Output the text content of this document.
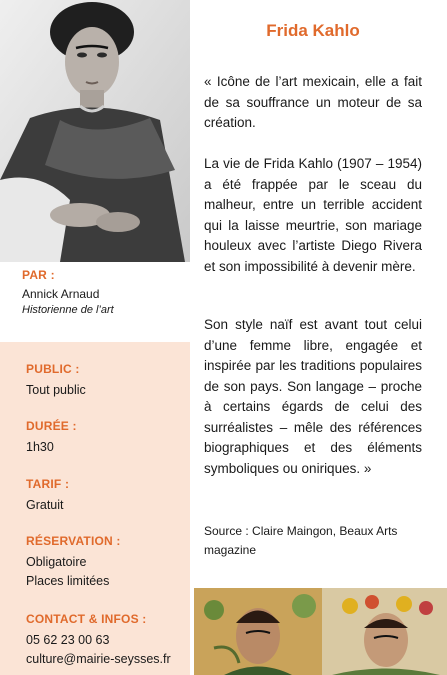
PAR :
Annick Arnaud
Historienne de l’art
PUBLIC :
Tout public
DURÉE :
1h30
TARIF :
Gratuit
RÉSERVATION :
Obligatoire
Places limitées
CONTACT & INFOS :
05 62 23 00 63
culture@mairie-seysses.fr
Frida Kahlo
« Icône de l’art mexicain, elle a fait de sa souffrance un moteur de sa création.
La vie de Frida Kahlo (1907 – 1954) a été frappée par le sceau du malheur, entre un terrible accident qui la laisse meurtrie, son mariage houleux avec l’artiste Diego Rivera et son impossibilité à devenir mère.
Son style naïf est avant tout celui d’une femme libre, engagée et inspirée par les traditions populaires de son pays. Son langage – proche à certains égards de celui des surréalistes – mêle des références biographiques et des éléments symboliques ou oniriques. »
Source : Claire Maingon, Beaux Arts magazine
